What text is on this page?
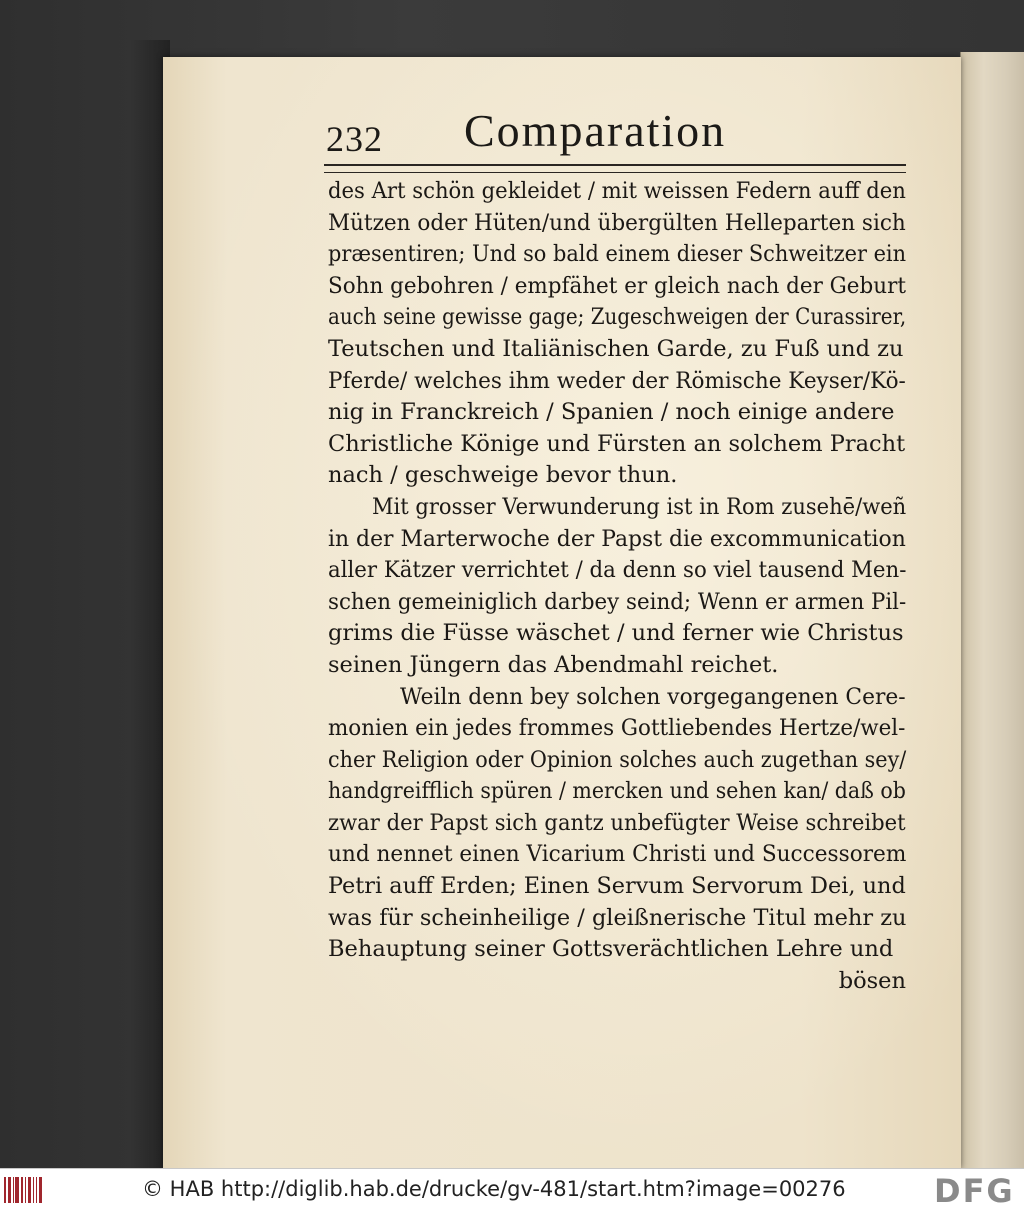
232 Comparation
des Art schön gekleidet / mit weissen Federn auff den
Mützen oder Hüten/und übergülten Helleparten sich
præsentiren; Und so bald einem dieser Schweitzer ein
Sohn gebohren / empfähet er gleich nach der Geburt
auch seine gewisse gage; Zugeschweigen der Curassirer,
Teutschen und Italiänischen Garde, zu Fuß und zu
Pferde/ welches ihm weder der Römische Keyser/Kö-
nig in Franckreich / Spanien / noch einige andere
Christliche Könige und Fürsten an solchem Pracht
nach / geschweige bevor thun.
Mit grosser Verwunderung ist in Rom zusehē/weñ
in der Marterwoche der Papst die excommunication
aller Kätzer verrichtet / da denn so viel tausend Men-
schen gemeiniglich darbey seind; Wenn er armen Pil-
grims die Füsse wäschet / und ferner wie Christus
seinen Jüngern das Abendmahl reichet.
Weiln denn bey solchen vorgegangenen Cere-
monien ein jedes frommes Gottliebendes Hertze/wel-
cher Religion oder Opinion solches auch zugethan sey/
handgreifflich spüren / mercken und sehen kan/ daß ob
zwar der Papst sich gantz unbefügter Weise schreibet
und nennet einen Vicarium Christi und Successorem
Petri auff Erden; Einen Servum Servorum Dei, und
was für scheinheilige / gleißnerische Titul mehr zu
Behauptung seiner Gottsverächtlichen Lehre und
bösen
© HAB http://diglib.hab.de/drucke/gv-481/start.htm?image=00276	DFG
